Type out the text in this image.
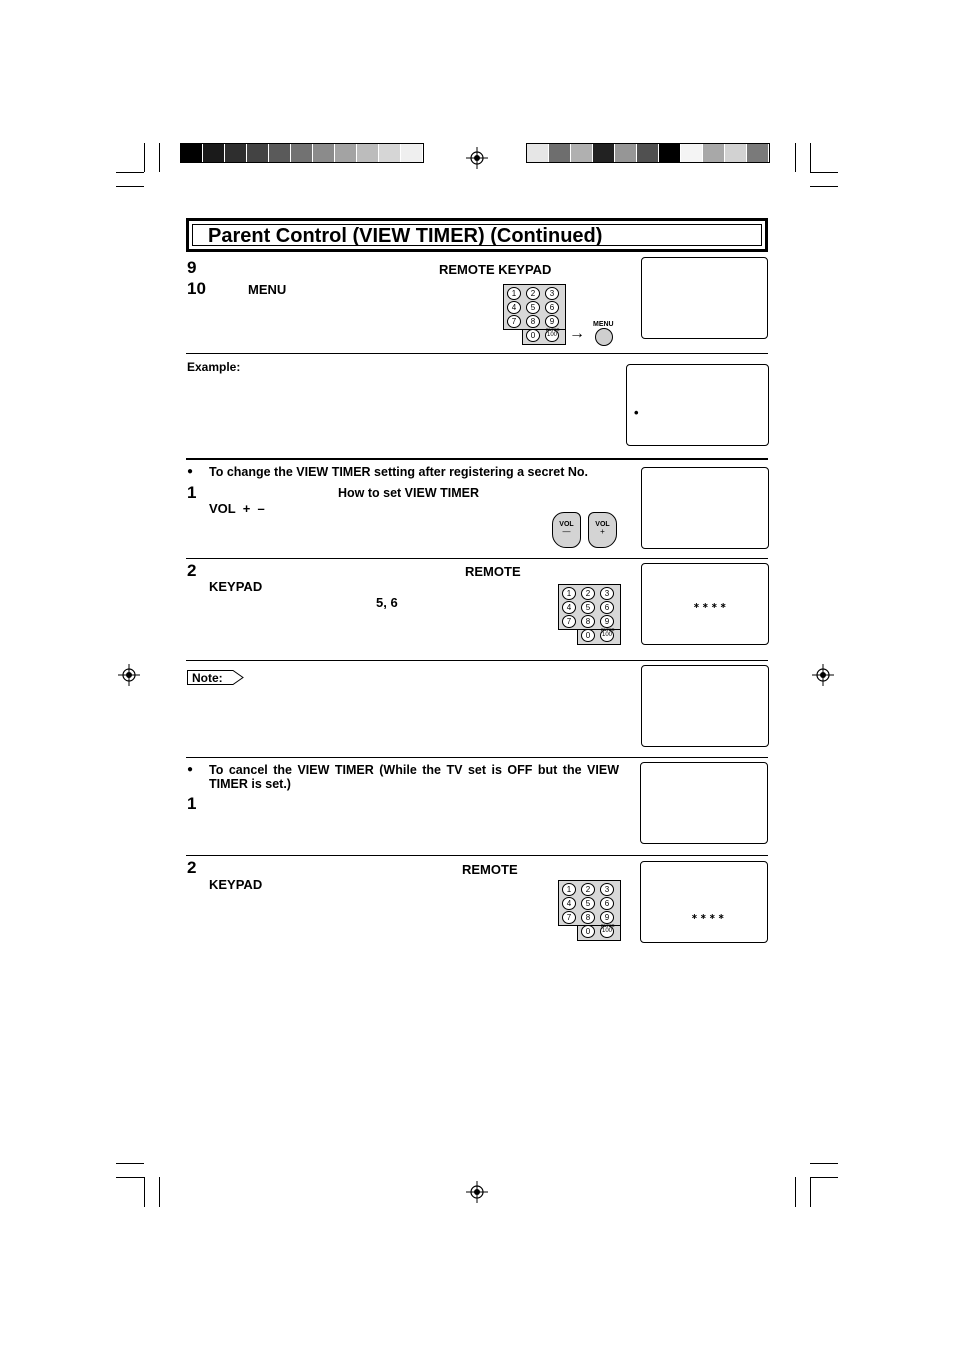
Parent Control (VIEW TIMER) (Continued)
9	REMOTE KEYPAD
10	MENU	1	2	3
4	5	6
7	8	9
0	100
ENTER →
MENU
Example:
•
● To change the VIEW TIMER setting after registering a secret No.
1	How to set VIEW TIMER
VOL  +  –
VOL
—
VOL
+
2	REMOTE
KEYPAD
5, 6
1	2	3
4	5	6
7	8	9
0	100
ENTER
∗ ∗ ∗ ∗
Note:
● To cancel the VIEW TIMER (While the TV set is OFF but the VIEW
TIMER is set.)
1
2	REMOTE
KEYPAD	1	2	3
4	5	6
7	8	9
0	100
ENTER
∗ ∗ ∗ ∗
